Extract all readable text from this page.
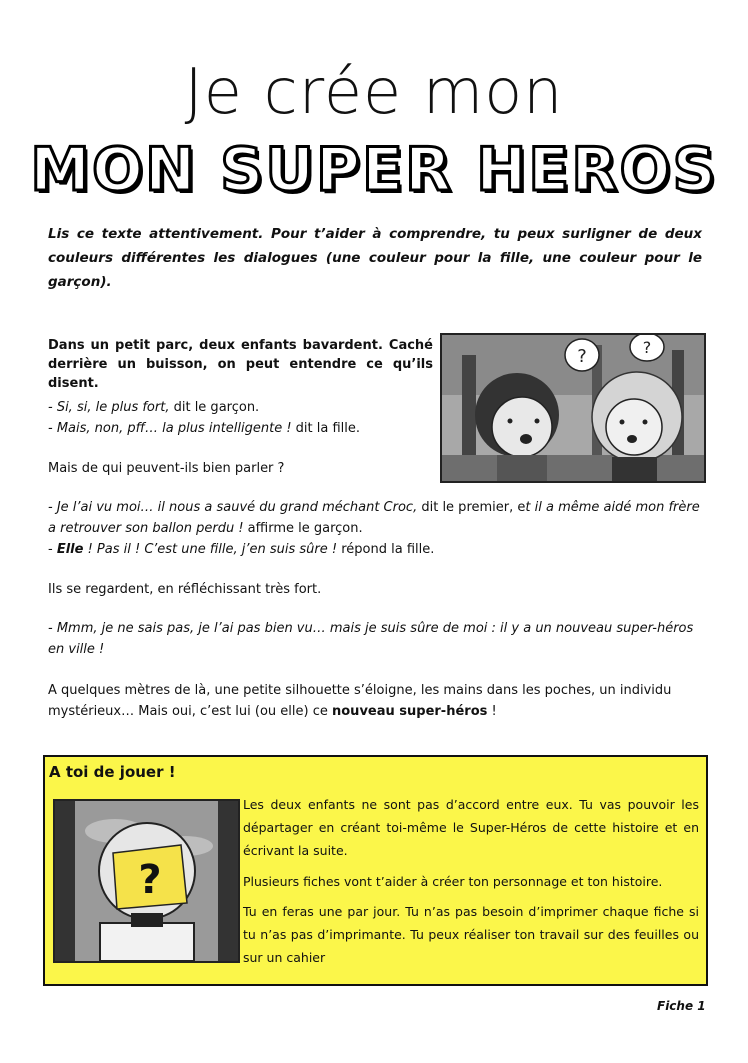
Je crée mon
MON SUPER HEROS
Lis ce texte attentivement. Pour t’aider à comprendre, tu peux surligner de deux couleurs différentes les dialogues (une couleur pour la fille, une couleur pour le garçon).
Dans un petit parc, deux enfants bavardent. Caché derrière un buisson, on peut entendre ce qu’ils disent.
- Si, si, le plus fort, dit le garçon.
- Mais, non, pff… la plus intelligente ! dit la fille.
Mais de qui peuvent-ils bien parler ?
- Je l’ai vu moi… il nous a sauvé du grand méchant Croc, dit le premier, et il a même aidé mon frère a retrouver son ballon perdu ! affirme le garçon.
- Elle ! Pas il ! C’est une fille, j’en suis sûre ! répond la fille.
Ils se regardent, en réfléchissant très fort.
- Mmm, je ne sais pas, je l’ai pas bien vu… mais je suis sûre de moi : il y a un nouveau super-héros en ville !
A quelques mètres de là, une petite silhouette s’éloigne, les mains dans les poches, un individu mystérieux… Mais oui, c’est lui (ou elle) ce nouveau super-héros !
?	?
A toi de jouer !
?
Les deux enfants ne sont pas d’accord entre eux. Tu vas pouvoir les départager en créant toi-même le Super-Héros de cette histoire et en écrivant la suite.
Plusieurs fiches vont t’aider à créer ton personnage et ton histoire.
Tu en feras une par jour. Tu n’as pas besoin d’imprimer chaque fiche si tu n’as pas d’imprimante. Tu peux réaliser ton travail sur des feuilles ou sur un cahier
Fiche 1
